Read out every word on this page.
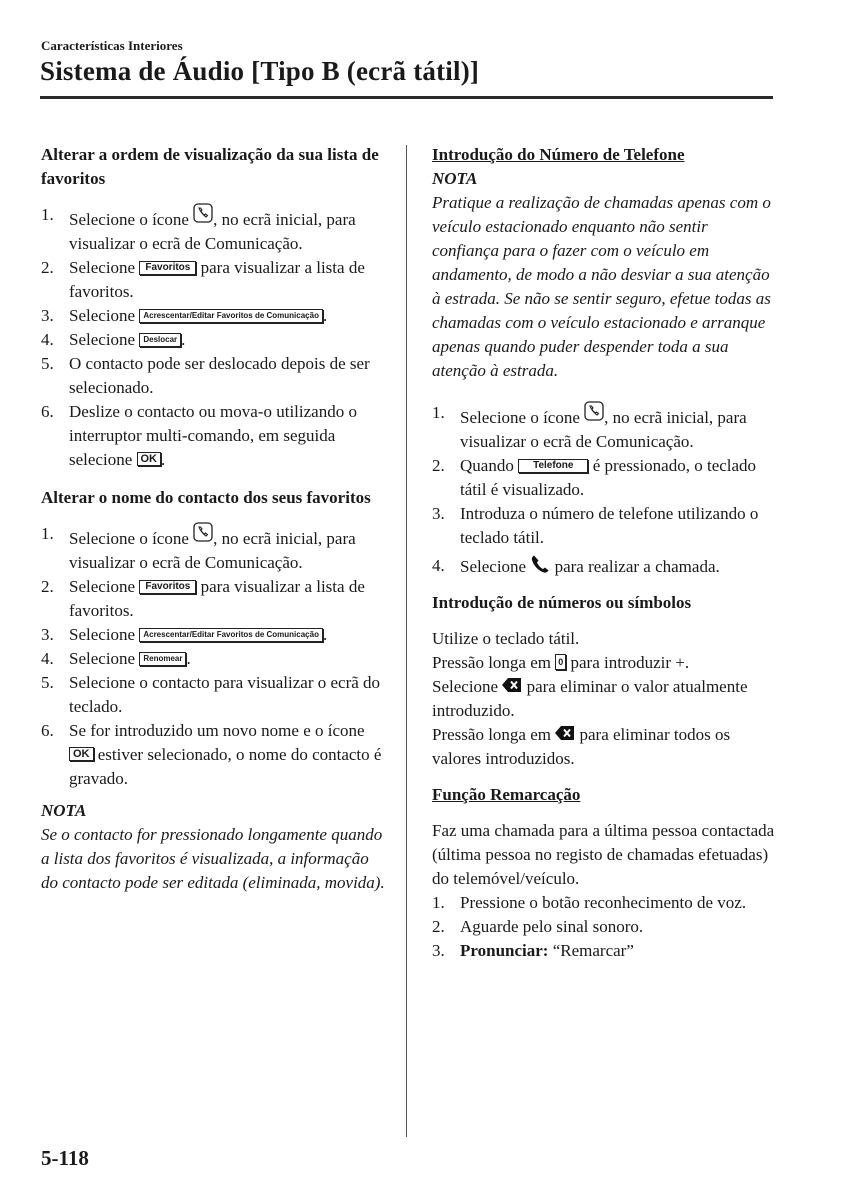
Características Interiores
Sistema de Áudio [Tipo B (ecrã tátil)]
Alterar a ordem de visualização da sua lista de favoritos
1. Selecione o ícone , no ecrã inicial, para visualizar o ecrã de Comunicação.
2. Selecione Favoritos para visualizar a lista de favoritos.
3. Selecione Acrescentar/Editar Favoritos de Comunicação .
4. Selecione Deslocar .
5. O contacto pode ser deslocado depois de ser selecionado.
6. Deslize o contacto ou mova-o utilizando o interruptor multi-comando, em seguida selecione OK .
Alterar o nome do contacto dos seus favoritos
1. Selecione o ícone , no ecrã inicial, para visualizar o ecrã de Comunicação.
2. Selecione Favoritos para visualizar a lista de favoritos.
3. Selecione Acrescentar/Editar Favoritos de Comunicação .
4. Selecione Renomear .
5. Selecione o contacto para visualizar o ecrã do teclado.
6. Se for introduzido um novo nome e o ícone OK estiver selecionado, o nome do contacto é gravado.
NOTA
Se o contacto for pressionado longamente quando a lista dos favoritos é visualizada, a informação do contacto pode ser editada (eliminada, movida).
Introdução do Número de Telefone
NOTA
Pratique a realização de chamadas apenas com o veículo estacionado enquanto não sentir confiança para o fazer com o veículo em andamento, de modo a não desviar a sua atenção à estrada. Se não se sentir seguro, efetue todas as chamadas com o veículo estacionado e arranque apenas quando puder despender toda a sua atenção à estrada.
1. Selecione o ícone , no ecrã inicial, para visualizar o ecrã de Comunicação.
2. Quando Telefone é pressionado, o teclado tátil é visualizado.
3. Introduza o número de telefone utilizando o teclado tátil.
4. Selecione para realizar a chamada.
Introdução de números ou símbolos

Utilize o teclado tátil.

Pressão longa em 0 para introduzir +.

Selecione para eliminar o valor atualmente introduzido.

Pressão longa em para eliminar todos os valores introduzidos.

Função Remarcação

Faz uma chamada para a última pessoa contactada (última pessoa no registo de chamadas efetuadas) do telemóvel/veículo.

1. Pressione o botão reconhecimento de voz.
2. Aguarde pelo sinal sonoro.
3. Pronunciar: “Remarcar”
5-118
